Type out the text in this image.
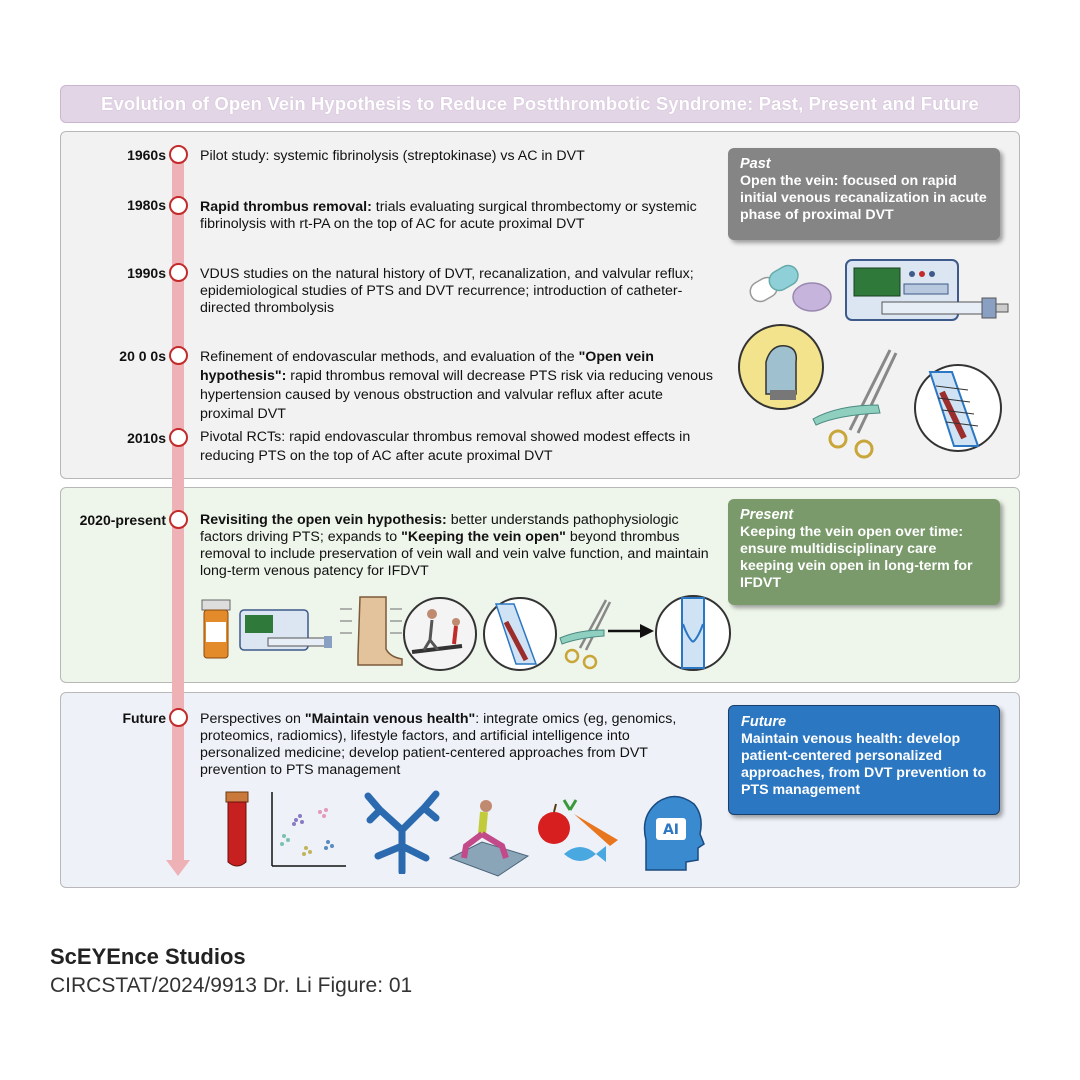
Evolution of Open Vein Hypothesis to Reduce Postthrombotic Syndrome: Past, Present and Future
1960s Pilot study: systemic fibrinolysis (streptokinase) vs AC in DVT
1980s Rapid thrombus removal: trials evaluating surgical thrombectomy or systemic fibrinolysis with rt-PA on the top of AC for acute proximal DVT
1990s VDUS studies on the natural history of DVT, recanalization, and valvular reflux; epidemiological studies of PTS and DVT recurrence; introduction of catheter-directed thrombolysis
20 0 0s Refinement of endovascular methods, and evaluation of the "Open vein hypothesis": rapid thrombus removal will decrease PTS risk via reducing venous hypertension caused by venous obstruction and valvular reflux after acute proximal DVT
2010s Pivotal RCTs: rapid endovascular thrombus removal showed modest effects in reducing PTS on the top of AC after acute proximal DVT
2020-present Revisiting the open vein hypothesis: better understands pathophysiologic factors driving PTS; expands to "Keeping the vein open" beyond thrombus removal to include preservation of vein wall and vein valve function, and maintain long-term venous patency for IFDVT
Future Perspectives on "Maintain venous health": integrate omics (eg, genomics, proteomics, radiomics), lifestyle factors, and artificial intelligence into personalized medicine; develop patient-centered approaches from DVT prevention to PTS management
Past
Open the vein: focused on rapid initial venous recanalization in acute phase of proximal DVT
Present
Keeping the vein open over time: ensure multidisciplinary care keeping vein open in long-term for IFDVT
Future
Maintain venous health: develop patient-centered personalized approaches, from DVT prevention to PTS management
AI
ScEYEnce Studios
CIRCSTAT/2024/9913 Dr. Li Figure: 01
